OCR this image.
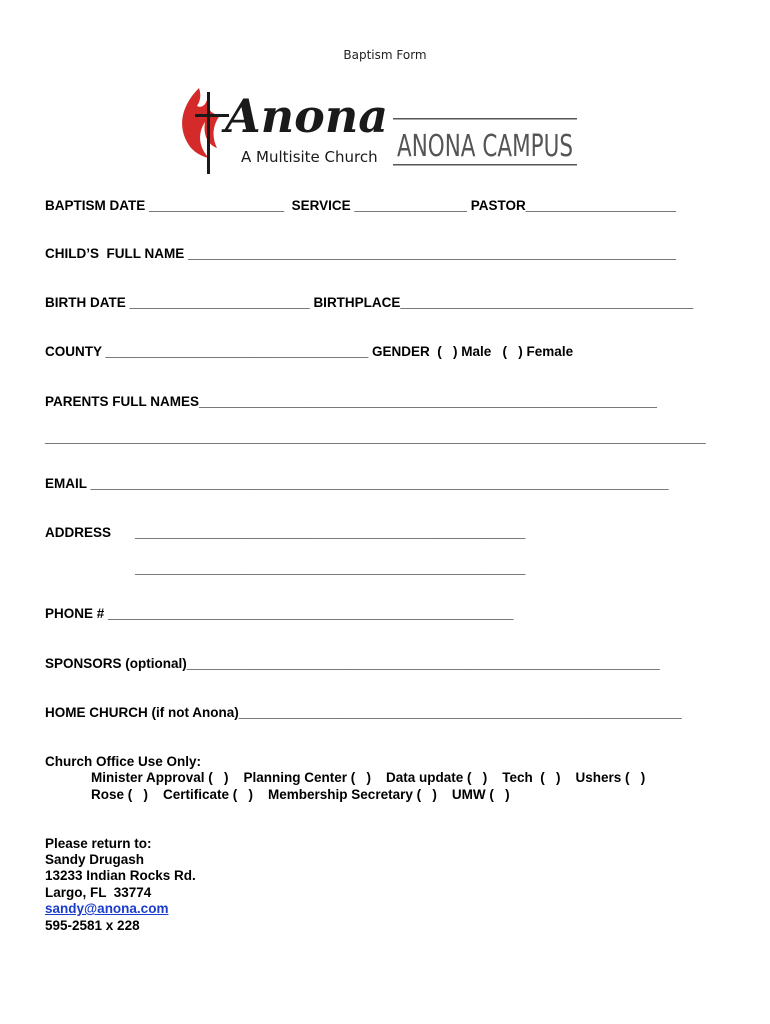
Baptism Form

Anona
A Multisite Church ANONA CAMPUS

BAPTISM DATE __________________  SERVICE _______________ PASTOR____________________
CHILD’S  FULL NAME _________________________________________________________________
BIRTH DATE ________________________ BIRTHPLACE_______________________________________
COUNTY ___________________________________ GENDER  (   ) Male   (   ) Female
PARENTS FULL NAMES_____________________________________________________________
________________________________________________________________________________________
EMAIL _____________________________________________________________________________
ADDRESS ____________________________________________________
____________________________________________________
PHONE # ______________________________________________________
SPONSORS (optional)_______________________________________________________________
HOME CHURCH (if not Anona)___________________________________________________________
Church Office Use Only:
Minister Approval (   )    Planning Center (   )    Data update (   )    Tech  (   )    Ushers (   )
Rose (   )    Certificate (   )    Membership Secretary (   )    UMW (   )
Please return to:
Sandy Drugash
13233 Indian Rocks Rd.
Largo, FL  33774
sandy@anona.com
595-2581 x 228
